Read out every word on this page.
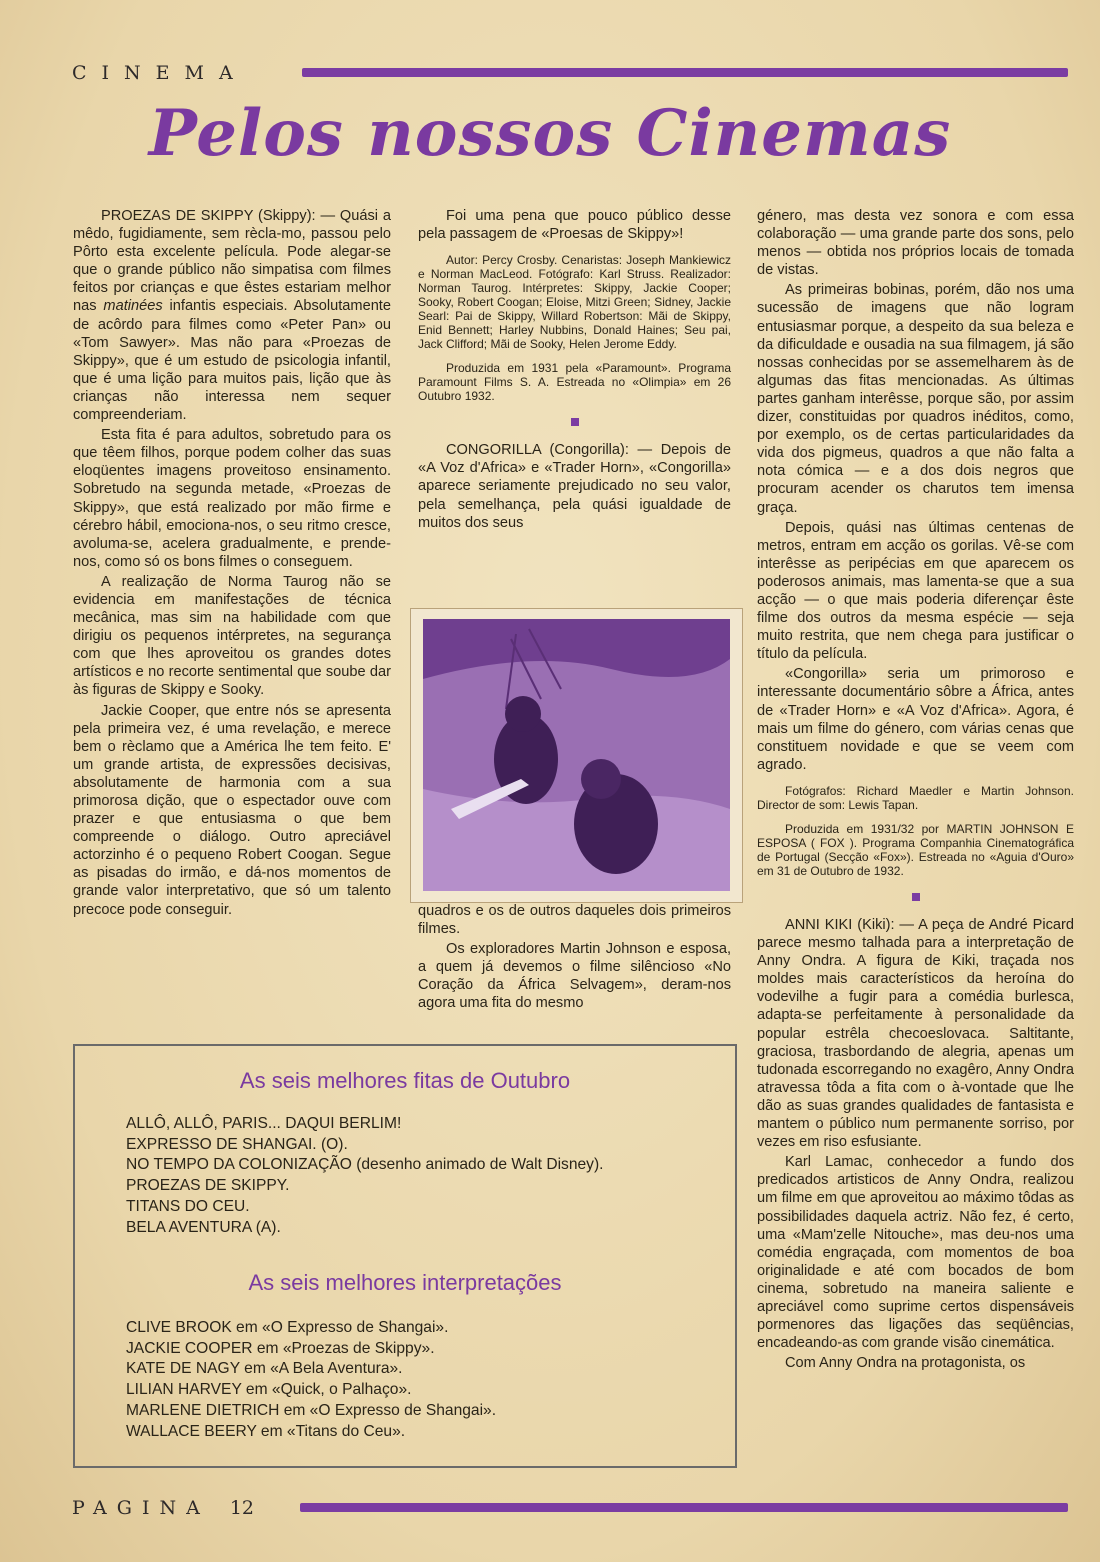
CINEMA
Pelos nossos Cinemas

PROEZAS DE SKIPPY (Skippy): — Quási a mêdo, fugidiamente, sem rècla-mo, passou pelo Pôrto esta excelente película. Pode alegar-se que o grande público não simpatisa com filmes feitos por crianças e que êstes estariam melhor nas matinées infantis especiais. Absolutamente de acôrdo para filmes como «Peter Pan» ou «Tom Sawyer». Mas não para «Proezas de Skippy», que é um estudo de psicologia infantil, que é uma lição para muitos pais, lição que às crianças não interessa nem sequer compreenderiam.

Esta fita é para adultos, sobretudo para os que têem filhos, porque podem colher das suas eloqüentes imagens proveitoso ensinamento. Sobretudo na segunda metade, «Proezas de Skippy», que está realizado por mão firme e cérebro hábil, emociona-nos, o seu ritmo cresce, avoluma-se, acelera gradualmente, e prende-nos, como só os bons filmes o conseguem.

A realização de Norma Taurog não se evidencia em manifestações de técnica mecânica, mas sim na habilidade com que dirigiu os pequenos intérpretes, na segurança com que lhes aproveitou os grandes dotes artísticos e no recorte sentimental que soube dar às figuras de Skippy e Sooky.

Jackie Cooper, que entre nós se apresenta pela primeira vez, é uma revelação, e merece bem o rèclamo que a América lhe tem feito. E' um grande artista, de expressões decisivas, absolutamente de harmonia com a sua primorosa dição, que o espectador ouve com prazer e que entusiasma o que bem compreende o diálogo. Outro apreciável actorzinho é o pequeno Robert Coogan. Segue as pisadas do irmão, e dá-nos momentos de grande valor interpretativo, que só um talento precoce pode conseguir.

Foi uma pena que pouco público desse pela passagem de «Proesas de Skippy»!

Autor: Percy Crosby. Cenaristas: Joseph Mankiewicz e Norman MacLeod. Fotógrafo: Karl Struss. Realizador: Norman Taurog. Intérpretes: Skippy, Jackie Cooper; Sooky, Robert Coogan; Eloise, Mitzi Green; Sidney, Jackie Searl: Pai de Skippy, Willard Robertson: Mãi de Skippy, Enid Bennett; Harley Nubbins, Donald Haines; Seu pai, Jack Clifford; Mãi de Sooky, Helen Jerome Eddy.

Produzida em 1931 pela «Paramount». Programa Paramount Films S. A. Estreada no «Olimpia» em 26 Outubro 1932.

CONGORILLA (Congorilla): — Depois de «A Voz d'Africa» e «Trader Horn», «Congorilla» aparece seriamente prejudicado no seu valor, pela semelhança, pela quási igualdade de muitos dos seus

quadros e os de outros daqueles dois primeiros filmes.

Os exploradores Martin Johnson e esposa, a quem já devemos o filme silêncioso «No Coração da África Selvagem», deram-nos agora uma fita do mesmo

género, mas desta vez sonora e com essa colaboração — uma grande parte dos sons, pelo menos — obtida nos próprios locais de tomada de vistas.

As primeiras bobinas, porém, dão nos uma sucessão de imagens que não logram entusiasmar porque, a despeito da sua beleza e da dificuldade e ousadia na sua filmagem, já são nossas conhecidas por se assemelharem às de algumas das fitas mencionadas. As últimas partes ganham interêsse, porque são, por assim dizer, constituidas por quadros inéditos, como, por exemplo, os de certas particularidades da vida dos pigmeus, quadros a que não falta a nota cómica — e a dos dois negros que procuram acender os charutos tem imensa graça.

Depois, quási nas últimas centenas de metros, entram em acção os gorilas. Vê-se com interêsse as peripécias em que aparecem os poderosos animais, mas lamenta-se que a sua acção — o que mais poderia diferençar êste filme dos outros da mesma espécie — seja muito restrita, que nem chega para justificar o título da película.

«Congorilla» seria um primoroso e interessante documentário sôbre a África, antes de «Trader Horn» e «A Voz d'Africa». Agora, é mais um filme do género, com várias cenas que constituem novidade e que se veem com agrado.

Fotógrafos: Richard Maedler e Martin Johnson. Director de som: Lewis Tapan.

Produzida em 1931/32 por MARTIN JOHNSON E ESPOSA ( FOX ). Programa Companhia Cinematográfica de Portugal (Secção «Fox»). Estreada no «Aguia d'Ouro» em 31 de Outubro de 1932.

ANNI KIKI (Kiki): — A peça de André Picard parece mesmo talhada para a interpretação de Anny Ondra. A figura de Kiki, traçada nos moldes mais característicos da heroína do vodevilhe a fugir para a comédia burlesca, adapta-se perfeitamente à personalidade da popular estrêla checoeslovaca. Saltitante, graciosa, trasbordando de alegria, apenas um tudonada escorregando no exagêro, Anny Ondra atravessa tôda a fita com o à-vontade que lhe dão as suas grandes qualidades de fantasista e mantem o público num permanente sorriso, por vezes em riso esfusiante.

Karl Lamac, conhecedor a fundo dos predicados artisticos de Anny Ondra, realizou um filme em que aproveitou ao máximo tôdas as possibilidades daquela actriz. Não fez, é certo, uma «Mam'zelle Nitouche», mas deu-nos uma comédia engraçada, com momentos de boa originalidade e até com bocados de bom cinema, sobretudo na maneira saliente e apreciável como suprime certos dispensáveis pormenores das ligações das seqüências, encadeando-as com grande visão cinemática.

Com Anny Ondra na protagonista, os

As seis melhores fitas de Outubro
ALLÔ, ALLÔ, PARIS... DAQUI BERLIM!
EXPRESSO DE SHANGAI. (O).
NO TEMPO DA COLONIZAÇÃO (desenho animado de Walt Disney).
PROEZAS DE SKIPPY.
TITANS DO CEU.
BELA AVENTURA (A).
As seis melhores interpretações
CLIVE BROOK em «O Expresso de Shangai».
JACKIE COOPER em «Proezas de Skippy».
KATE DE NAGY em «A Bela Aventura».
LILIAN HARVEY em «Quick, o Palhaço».
MARLENE DIETRICH em «O Expresso de Shangai».
WALLACE BEERY em «Titans do Ceu».
PAGINA 12
